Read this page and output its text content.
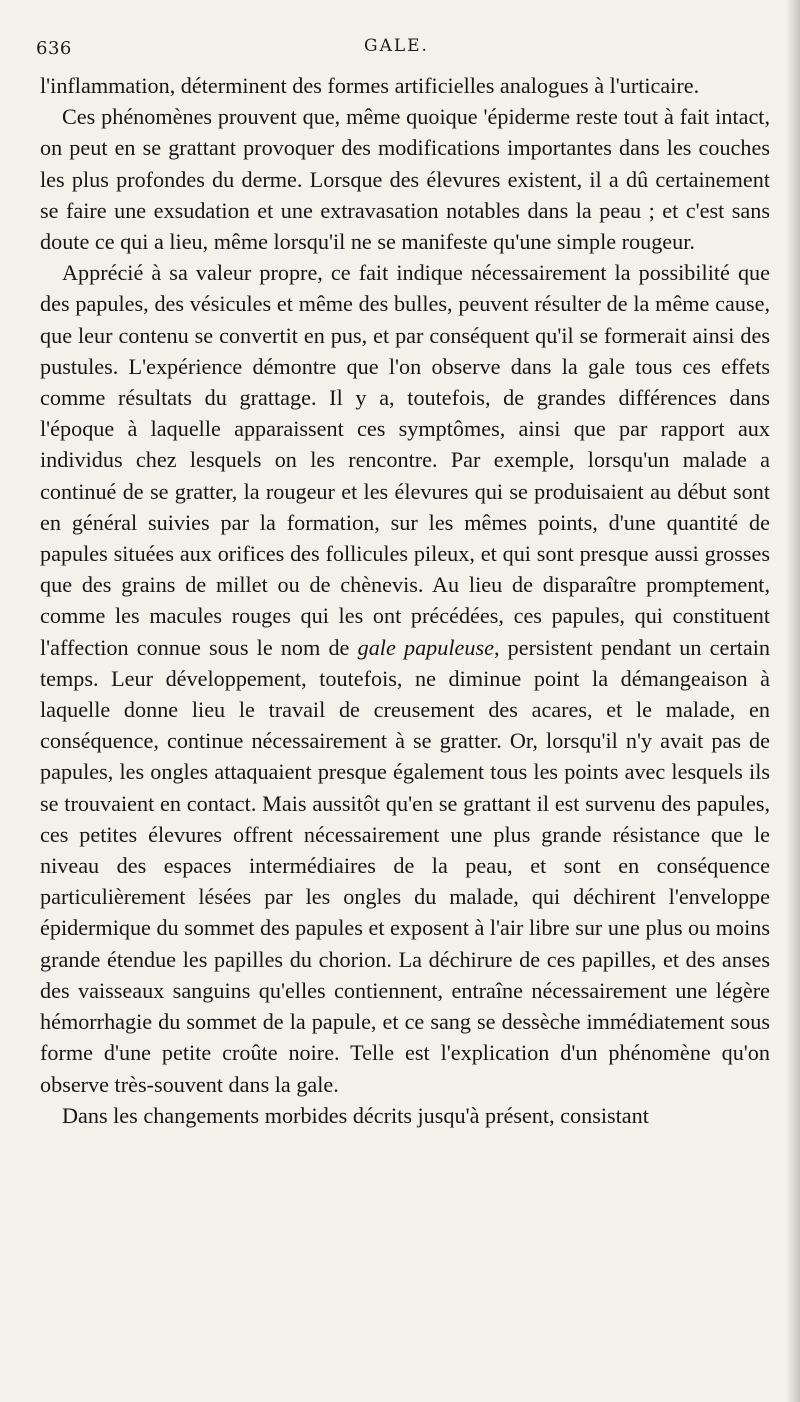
636	GALE.

l'inflammation, déterminent des formes artificielles analogues à l'urticaire.

Ces phénomènes prouvent que, même quoique 'épiderme reste tout à fait intact, on peut en se grattant provoquer des modifications importantes dans les couches les plus profondes du derme. Lorsque des élevures existent, il a dû certainement se faire une exsudation et une extravasation notables dans la peau ; et c'est sans doute ce qui a lieu, même lorsqu'il ne se manifeste qu'une simple rougeur.

Apprécié à sa valeur propre, ce fait indique nécessairement la possibilité que des papules, des vésicules et même des bulles, peuvent résulter de la même cause, que leur contenu se convertit en pus, et par conséquent qu'il se formerait ainsi des pustules. L'expérience démontre que l'on observe dans la gale tous ces effets comme résultats du grattage. Il y a, toutefois, de grandes différences dans l'époque à laquelle apparaissent ces symptômes, ainsi que par rapport aux individus chez lesquels on les rencontre. Par exemple, lorsqu'un malade a continué de se gratter, la rougeur et les élevures qui se produisaient au début sont en général suivies par la formation, sur les mêmes points, d'une quantité de papules situées aux orifices des follicules pileux, et qui sont presque aussi grosses que des grains de millet ou de chènevis. Au lieu de disparaître promptement, comme les macules rouges qui les ont précédées, ces papules, qui constituent l'affection connue sous le nom de gale papuleuse, persistent pendant un certain temps. Leur développement, toutefois, ne diminue point la démangeaison à laquelle donne lieu le travail de creusement des acares, et le malade, en conséquence, continue nécessairement à se gratter. Or, lorsqu'il n'y avait pas de papules, les ongles attaquaient presque également tous les points avec lesquels ils se trouvaient en contact. Mais aussitôt qu'en se grattant il est survenu des papules, ces petites élevures offrent nécessairement une plus grande résistance que le niveau des espaces intermédiaires de la peau, et sont en conséquence particulièrement lésées par les ongles du malade, qui déchirent l'enveloppe épidermique du sommet des papules et exposent à l'air libre sur une plus ou moins grande étendue les papilles du chorion. La déchirure de ces papilles, et des anses des vaisseaux sanguins qu'elles contiennent, entraîne nécessairement une légère hémorrhagie du sommet de la papule, et ce sang se dessèche immédiatement sous forme d'une petite croûte noire. Telle est l'explication d'un phénomène qu'on observe très-souvent dans la gale.

Dans les changements morbides décrits jusqu'à présent, consistant
